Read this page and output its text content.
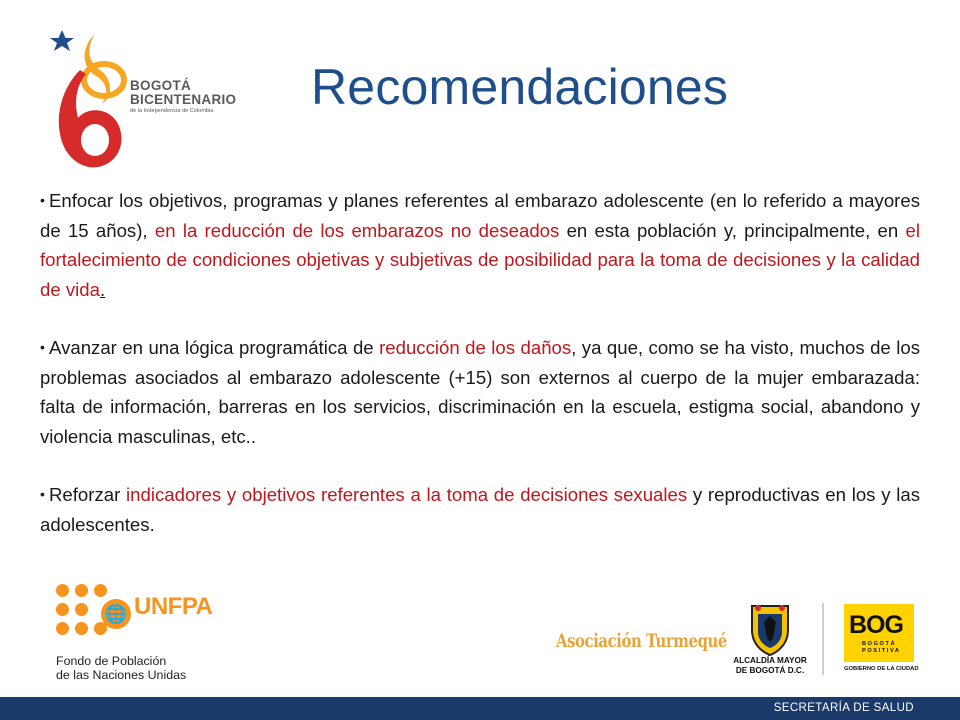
BOGOTÁ
BICENTENARIO
de la Independencia de Colombia	Recomendaciones
• Enfocar los objetivos, programas y planes referentes al embarazo adolescente (en lo referido a mayores de 15 años), en la reducción de los embarazos no deseados en esta población y, principalmente, en el fortalecimiento de condiciones objetivas y subjetivas de posibilidad para la toma de decisiones y la calidad de vida.
• Avanzar en una lógica programática de reducción de los daños, ya que, como se ha visto, muchos de los problemas asociados al embarazo adolescente (+15) son externos al cuerpo de la mujer embarazada: falta de información, barreras en los servicios, discriminación en la escuela, estigma social, abandono y violencia masculinas, etc..
• Reforzar indicadores y objetivos referentes a la toma de decisiones sexuales y reproductivas en los y las adolescentes.
🌐 UNFPA
Fondo de Población
de las Naciones Unidas
Asociación Turmequé
ALCALDÍA MAYOR
DE BOGOTÁ D.C.
BOG
BOGOTÁ POSITIVA
GOBIERNO DE LA CIUDAD
SECRETARÍA DE SALUD
